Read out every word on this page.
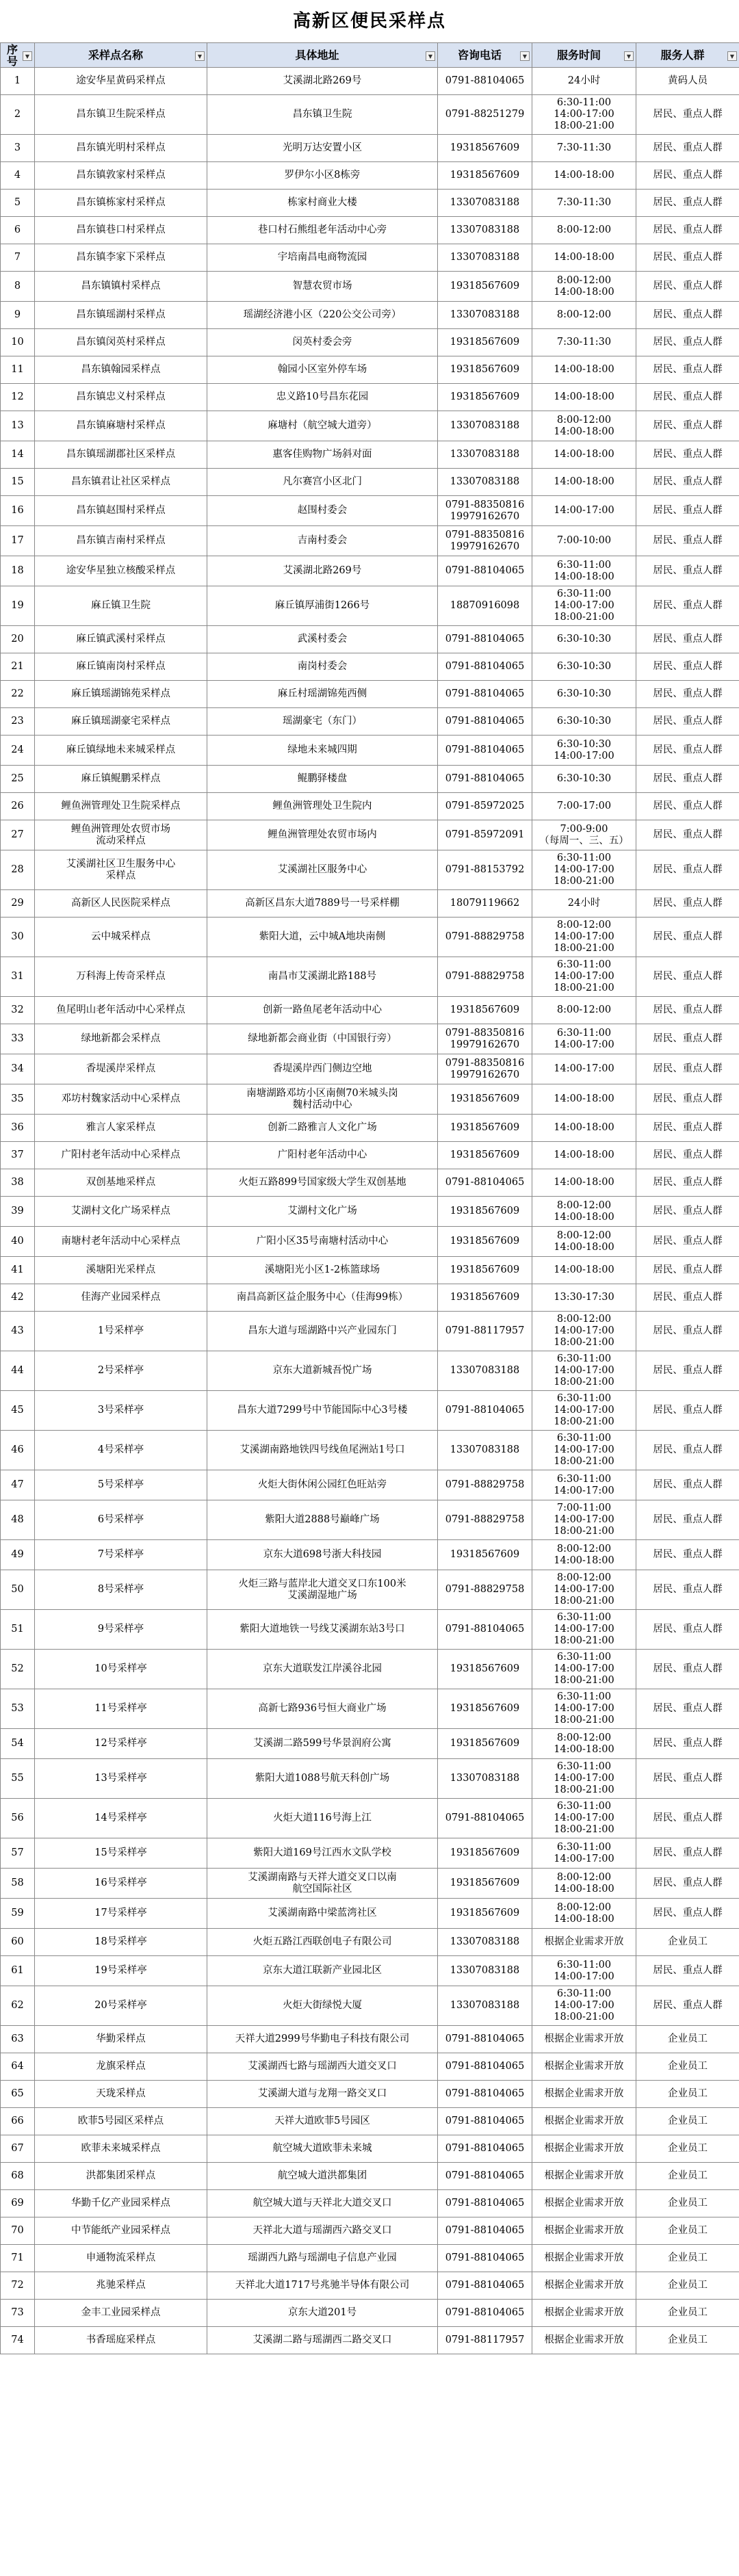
高新区便民采样点
序号 ▼	采样点名称 ▼	具体地址 ▼	咨询电话 ▼	服务时间 ▼	服务人群 ▼

1	途安华星黄码采样点	艾溪湖北路269号	0791-88104065	24小时	黄码人员
2	昌东镇卫生院采样点	昌东镇卫生院	0791-88251279	6:30-11:00
14:00-17:00
18:00-21:00	居民、重点人群
3	昌东镇光明村采样点	光明万达安置小区	19318567609	7:30-11:30	居民、重点人群
4	昌东镇敦家村采样点	罗伊尔小区8栋旁	19318567609	14:00-18:00	居民、重点人群
5	昌东镇栋家村采样点	栋家村商业大楼	13307083188	7:30-11:30	居民、重点人群
6	昌东镇巷口村采样点	巷口村石熊组老年活动中心旁	13307083188	8:00-12:00	居民、重点人群
7	昌东镇李家下采样点	宇培南昌电商物流园	13307083188	14:00-18:00	居民、重点人群
8	昌东镇镇村采样点	智慧农贸市场	19318567609	8:00-12:00
14:00-18:00	居民、重点人群
9	昌东镇瑶湖村采样点	瑶湖经济港小区（220公交公司旁）	13307083188	8:00-12:00	居民、重点人群
10	昌东镇闵英村采样点	闵英村委会旁	19318567609	7:30-11:30	居民、重点人群
11	昌东镇翰园采样点	翰园小区室外停车场	19318567609	14:00-18:00	居民、重点人群
12	昌东镇忠义村采样点	忠义路10号昌东花园	19318567609	14:00-18:00	居民、重点人群
13	昌东镇麻塘村采样点	麻塘村（航空城大道旁）	13307083188	8:00-12:00
14:00-18:00	居民、重点人群
14	昌东镇瑶湖郡社区采样点	惠客佳购物广场斜对面	13307083188	14:00-18:00	居民、重点人群
15	昌东镇君让社区采样点	凡尔赛宫小区北门	13307083188	14:00-18:00	居民、重点人群
16	昌东镇赵围村采样点	赵围村委会	0791-88350816
19979162670	14:00-17:00	居民、重点人群
17	昌东镇吉南村采样点	吉南村委会	0791-88350816
19979162670	7:00-10:00	居民、重点人群
18	途安华星独立核酸采样点	艾溪湖北路269号	0791-88104065	6:30-11:00
14:00-18:00	居民、重点人群
19	麻丘镇卫生院	麻丘镇厚浦街1266号	18870916098	6:30-11:00
14:00-17:00
18:00-21:00	居民、重点人群
20	麻丘镇武溪村采样点	武溪村委会	0791-88104065	6:30-10:30	居民、重点人群
21	麻丘镇南岗村采样点	南岗村委会	0791-88104065	6:30-10:30	居民、重点人群
22	麻丘镇瑶湖锦苑采样点	麻丘村瑶湖锦苑西侧	0791-88104065	6:30-10:30	居民、重点人群
23	麻丘镇瑶湖豪宅采样点	瑶湖豪宅（东门）	0791-88104065	6:30-10:30	居民、重点人群
24	麻丘镇绿地未来城采样点	绿地未来城四期	0791-88104065	6:30-10:30
14:00-17:00	居民、重点人群
25	麻丘镇鲲鹏采样点	鲲鹏驿楼盘	0791-88104065	6:30-10:30	居民、重点人群
26	鲤鱼洲管理处卫生院采样点	鲤鱼洲管理处卫生院内	0791-85972025	7:00-17:00	居民、重点人群
27	鲤鱼洲管理处农贸市场
流动采样点	鲤鱼洲管理处农贸市场内	0791-85972091	7:00-9:00
（每周一、三、五）	居民、重点人群
28	艾溪湖社区卫生服务中心
采样点	艾溪湖社区服务中心	0791-88153792	6:30-11:00
14:00-17:00
18:00-21:00	居民、重点人群
29	高新区人民医院采样点	高新区昌东大道7889号一号采样棚	18079119662	24小时	居民、重点人群
30	云中城采样点	紫阳大道，云中城A地块南侧	0791-88829758	8:00-12:00
14:00-17:00
18:00-21:00	居民、重点人群
31	万科海上传奇采样点	南昌市艾溪湖北路188号	0791-88829758	6:30-11:00
14:00-17:00
18:00-21:00	居民、重点人群
32	鱼尾明山老年活动中心采样点	创新一路鱼尾老年活动中心	19318567609	8:00-12:00	居民、重点人群
33	绿地新都会采样点	绿地新都会商业街（中国银行旁）	0791-88350816
19979162670	6:30-11:00
14:00-17:00	居民、重点人群
34	香堤溪岸采样点	香堤溪岸西门侧边空地	0791-88350816
19979162670	14:00-17:00	居民、重点人群
35	邓坊村魏家活动中心采样点	南塘湖路邓坊小区南侧70米城头岗
魏村活动中心	19318567609	14:00-18:00	居民、重点人群
36	雅言人家采样点	创新二路雅言人文化广场	19318567609	14:00-18:00	居民、重点人群
37	广阳村老年活动中心采样点	广阳村老年活动中心	19318567609	14:00-18:00	居民、重点人群
38	双创基地采样点	火炬五路899号国家级大学生双创基地	0791-88104065	14:00-18:00	居民、重点人群
39	艾湖村文化广场采样点	艾湖村文化广场	19318567609	8:00-12:00
14:00-18:00	居民、重点人群
40	南塘村老年活动中心采样点	广阳小区35号南塘村活动中心	19318567609	8:00-12:00
14:00-18:00	居民、重点人群
41	溪塘阳光采样点	溪塘阳光小区1-2栋篮球场	19318567609	14:00-18:00	居民、重点人群
42	佳海产业园采样点	南昌高新区益企服务中心（佳海99栋）	19318567609	13:30-17:30	居民、重点人群
43	1号采样亭	昌东大道与瑶湖路中兴产业园东门	0791-88117957	8:00-12:00
14:00-17:00
18:00-21:00	居民、重点人群
44	2号采样亭	京东大道新城吾悦广场	13307083188	6:30-11:00
14:00-17:00
18:00-21:00	居民、重点人群
45	3号采样亭	昌东大道7299号中节能国际中心3号楼	0791-88104065	6:30-11:00
14:00-17:00
18:00-21:00	居民、重点人群
46	4号采样亭	艾溪湖南路地铁四号线鱼尾洲站1号口	13307083188	6:30-11:00
14:00-17:00
18:00-21:00	居民、重点人群
47	5号采样亭	火炬大街休闲公园红色旺站旁	0791-88829758	6:30-11:00
14:00-17:00	居民、重点人群
48	6号采样亭	紫阳大道2888号巅峰广场	0791-88829758	7:00-11:00
14:00-17:00
18:00-21:00	居民、重点人群
49	7号采样亭	京东大道698号浙大科技园	19318567609	8:00-12:00
14:00-18:00	居民、重点人群
50	8号采样亭	火炬三路与蓝岸北大道交叉口东100米
艾溪湖湿地广场	0791-88829758	8:00-12:00
14:00-17:00
18:00-21:00	居民、重点人群
51	9号采样亭	紫阳大道地铁一号线艾溪湖东站3号口	0791-88104065	6:30-11:00
14:00-17:00
18:00-21:00	居民、重点人群
52	10号采样亭	京东大道联发江岸溪谷北园	19318567609	6:30-11:00
14:00-17:00
18:00-21:00	居民、重点人群
53	11号采样亭	高新七路936号恒大商业广场	19318567609	6:30-11:00
14:00-17:00
18:00-21:00	居民、重点人群
54	12号采样亭	艾溪湖二路599号华景润府公寓	19318567609	8:00-12:00
14:00-18:00	居民、重点人群
55	13号采样亭	紫阳大道1088号航天科创广场	13307083188	6:30-11:00
14:00-17:00
18:00-21:00	居民、重点人群
56	14号采样亭	火炬大道116号海上江	0791-88104065	6:30-11:00
14:00-17:00
18:00-21:00	居民、重点人群
57	15号采样亭	紫阳大道169号江西水文队学校	19318567609	6:30-11:00
14:00-17:00	居民、重点人群
58	16号采样亭	艾溪湖南路与天祥大道交叉口以南
航空国际社区	19318567609	8:00-12:00
14:00-18:00	居民、重点人群
59	17号采样亭	艾溪湖南路中梁蓝湾社区	19318567609	8:00-12:00
14:00-18:00	居民、重点人群
60	18号采样亭	火炬五路江西联创电子有限公司	13307083188	根据企业需求开放	企业员工
61	19号采样亭	京东大道江联新产业园北区	13307083188	6:30-11:00
14:00-17:00	居民、重点人群
62	20号采样亭	火炬大街绿悦大厦	13307083188	6:30-11:00
14:00-17:00
18:00-21:00	居民、重点人群
63	华勤采样点	天祥大道2999号华勤电子科技有限公司	0791-88104065	根据企业需求开放	企业员工
64	龙旗采样点	艾溪湖西七路与瑶湖西大道交叉口	0791-88104065	根据企业需求开放	企业员工
65	天珑采样点	艾溪湖大道与龙翔一路交叉口	0791-88104065	根据企业需求开放	企业员工
66	欧菲5号园区采样点	天祥大道欧菲5号园区	0791-88104065	根据企业需求开放	企业员工
67	欧菲未来城采样点	航空城大道欧菲未来城	0791-88104065	根据企业需求开放	企业员工
68	洪都集团采样点	航空城大道洪都集团	0791-88104065	根据企业需求开放	企业员工
69	华勤千亿产业园采样点	航空城大道与天祥北大道交叉口	0791-88104065	根据企业需求开放	企业员工
70	中节能纸产业园采样点	天祥北大道与瑶湖西六路交叉口	0791-88104065	根据企业需求开放	企业员工
71	申通物流采样点	瑶湖西九路与瑶湖电子信息产业园	0791-88104065	根据企业需求开放	企业员工
72	兆驰采样点	天祥北大道1717号兆驰半导体有限公司	0791-88104065	根据企业需求开放	企业员工
73	金丰工业园采样点	京东大道201号	0791-88104065	根据企业需求开放	企业员工
74	书香瑶庭采样点	艾溪湖二路与瑶湖西二路交叉口	0791-88117957	根据企业需求开放	企业员工
